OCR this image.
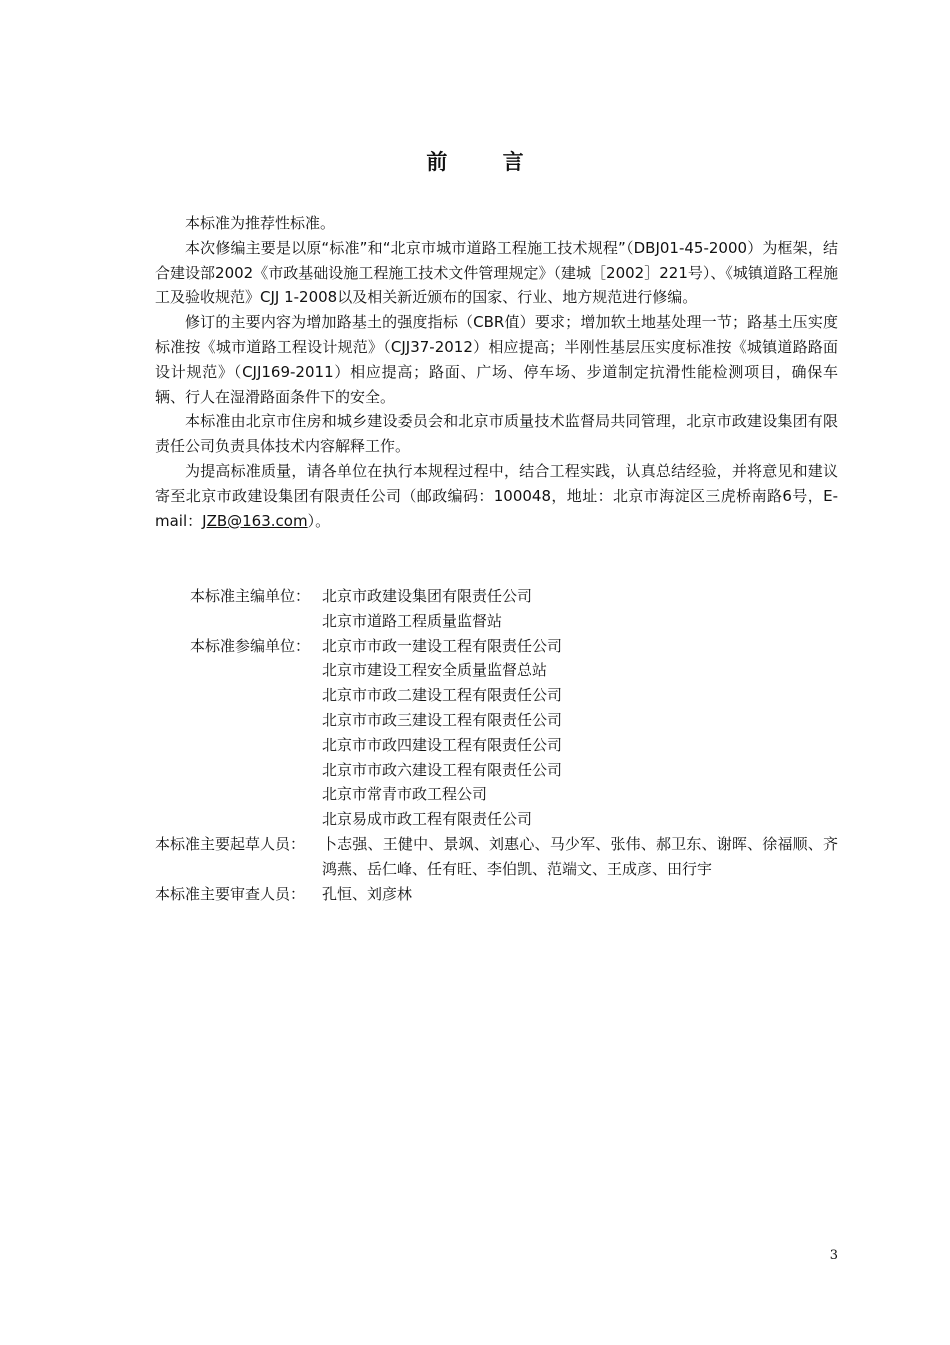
前 言

本标准为推荐性标准。

本次修编主要是以原“标准”和“北京市城市道路工程施工技术规程”（DBJ01-45-2000）为框架，结合建设部2002《市政基础设施工程施工技术文件管理规定》（建城［2002］221号）、《城镇道路工程施工及验收规范》CJJ 1-2008以及相关新近颁布的国家、行业、地方规范进行修编。

修订的主要内容为增加路基土的强度指标（CBR值）要求；增加软土地基处理一节；路基土压实度标准按《城市道路工程设计规范》（CJJ37-2012）相应提高；半刚性基层压实度标准按《城镇道路路面设计规范》（CJJ169-2011）相应提高；路面、广场、停车场、步道制定抗滑性能检测项目，确保车辆、行人在湿滑路面条件下的安全。

本标准由北京市住房和城乡建设委员会和北京市质量技术监督局共同管理，北京市政建设集团有限责任公司负责具体技术内容解释工作。

为提高标准质量，请各单位在执行本规程过程中，结合工程实践，认真总结经验，并将意见和建议寄至北京市政建设集团有限责任公司（邮政编码：100048，地址：北京市海淀区三虎桥南路6号，E-mail：JZB@163.com）。

本标准主编单位： 北京市政建设集团有限责任公司
北京市道路工程质量监督站
本标准参编单位： 北京市市政一建设工程有限责任公司
北京市建设工程安全质量监督总站
北京市市政二建设工程有限责任公司
北京市市政三建设工程有限责任公司
北京市市政四建设工程有限责任公司
北京市市政六建设工程有限责任公司
北京市常青市政工程公司
北京易成市政工程有限责任公司
本标准主要起草人员：	卜志强、王健中、景飒、刘惠心、马少军、张伟、郝卫东、谢晖、徐福顺、齐鸿燕、岳仁峰、任有旺、李伯凯、范端文、王成彦、田行宇
本标准主要审查人员：	孔恒、刘彦林
3
